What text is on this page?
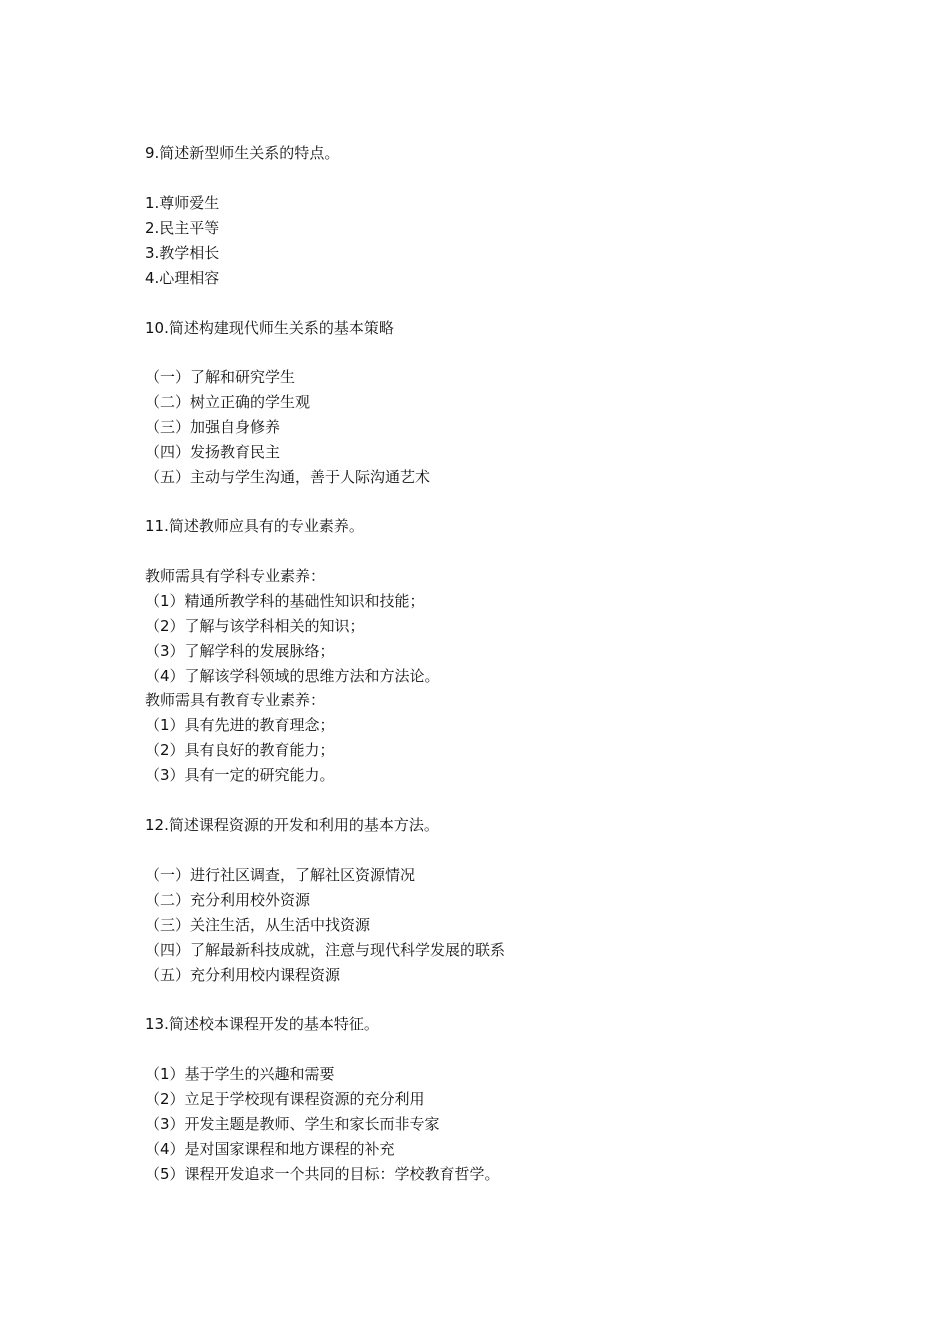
9.简述新型师生关系的特点。
1.尊师爱生
2.民主平等
3.教学相长
4.心理相容
10.简述构建现代师生关系的基本策略
（一）了解和研究学生
（二）树立正确的学生观
（三）加强自身修养
（四）发扬教育民主
（五）主动与学生沟通，善于人际沟通艺术
11.简述教师应具有的专业素养。
教师需具有学科专业素养：
（1）精通所教学科的基础性知识和技能；
（2）了解与该学科相关的知识；
（3）了解学科的发展脉络；
（4）了解该学科领域的思维方法和方法论。
教师需具有教育专业素养：
（1）具有先进的教育理念；
（2）具有良好的教育能力；
（3）具有一定的研究能力。
12.简述课程资源的开发和利用的基本方法。
（一）进行社区调查，了解社区资源情况
（二）充分利用校外资源
（三）关注生活，从生活中找资源
（四）了解最新科技成就，注意与现代科学发展的联系
（五）充分利用校内课程资源
13.简述校本课程开发的基本特征。
（1）基于学生的兴趣和需要
（2）立足于学校现有课程资源的充分利用
（3）开发主题是教师、学生和家长而非专家
（4）是对国家课程和地方课程的补充
（5）课程开发追求一个共同的目标：学校教育哲学。
